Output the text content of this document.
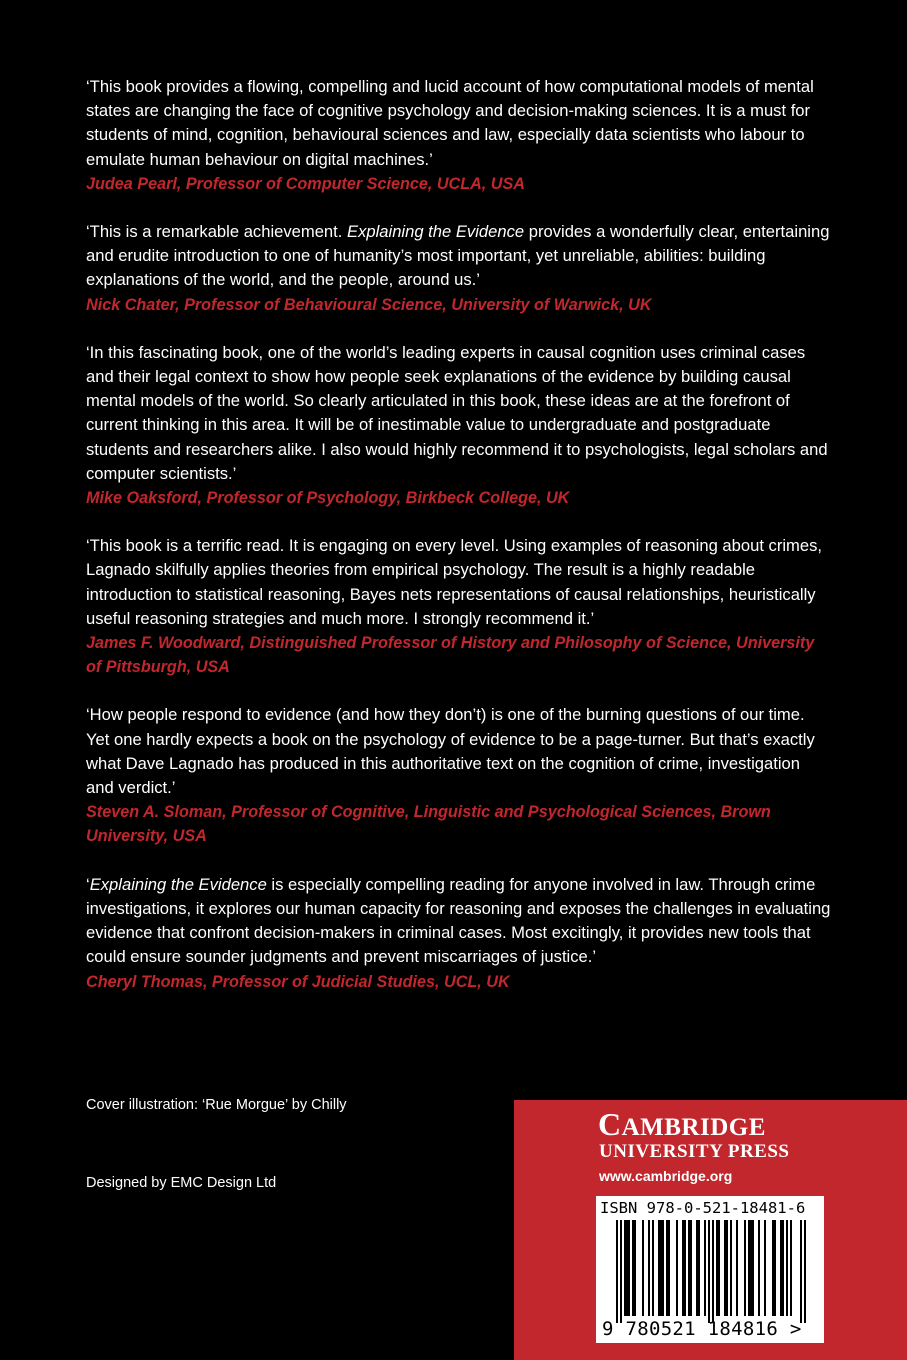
‘This book provides a flowing, compelling and lucid account of how computational models of mental states are changing the face of cognitive psychology and decision-making sciences. It is a must for students of mind, cognition, behavioural sciences and law, especially data scientists who labour to emulate human behaviour on digital machines.’

Judea Pearl, Professor of Computer Science, UCLA, USA

‘This is a remarkable achievement. Explaining the Evidence provides a wonderfully clear, entertaining and erudite introduction to one of humanity’s most important, yet unreliable, abilities: building explanations of the world, and the people, around us.’

Nick Chater, Professor of Behavioural Science, University of Warwick, UK

‘In this fascinating book, one of the world’s leading experts in causal cognition uses criminal cases and their legal context to show how people seek explanations of the evidence by building causal mental models of the world. So clearly articulated in this book, these ideas are at the forefront of current thinking in this area. It will be of inestimable value to undergraduate and postgraduate students and researchers alike. I also would highly recommend it to psychologists, legal scholars and computer scientists.’

Mike Oaksford, Professor of Psychology, Birkbeck College, UK

‘This book is a terrific read. It is engaging on every level. Using examples of reasoning about crimes, Lagnado skilfully applies theories from empirical psychology. The result is a highly readable introduction to statistical reasoning, Bayes nets representations of causal relationships, heuristically useful reasoning strategies and much more. I strongly recommend it.’

James F. Woodward, Distinguished Professor of History and Philosophy of Science, University of Pittsburgh, USA

‘How people respond to evidence (and how they don’t) is one of the burning questions of our time. Yet one hardly expects a book on the psychology of evidence to be a page-turner. But that’s exactly what Dave Lagnado has produced in this authoritative text on the cognition of crime, investigation and verdict.’

Steven A. Sloman, Professor of Cognitive, Linguistic and Psychological Sciences, Brown University, USA

‘Explaining the Evidence is especially compelling reading for anyone involved in law. Through crime investigations, it explores our human capacity for reasoning and exposes the challenges in evaluating evidence that confront decision-makers in criminal cases. Most excitingly, it provides new tools that could ensure sounder judgments and prevent miscarriages of justice.’

Cheryl Thomas, Professor of Judicial Studies, UCL, UK

Cover illustration: ‘Rue Morgue’ by Chilly
Designed by EMC Design Ltd
CAMBRIDGE
UNIVERSITY PRESS
www.cambridge.org
ISBN 978-0-521-18481-6
9 780521 184816 >
